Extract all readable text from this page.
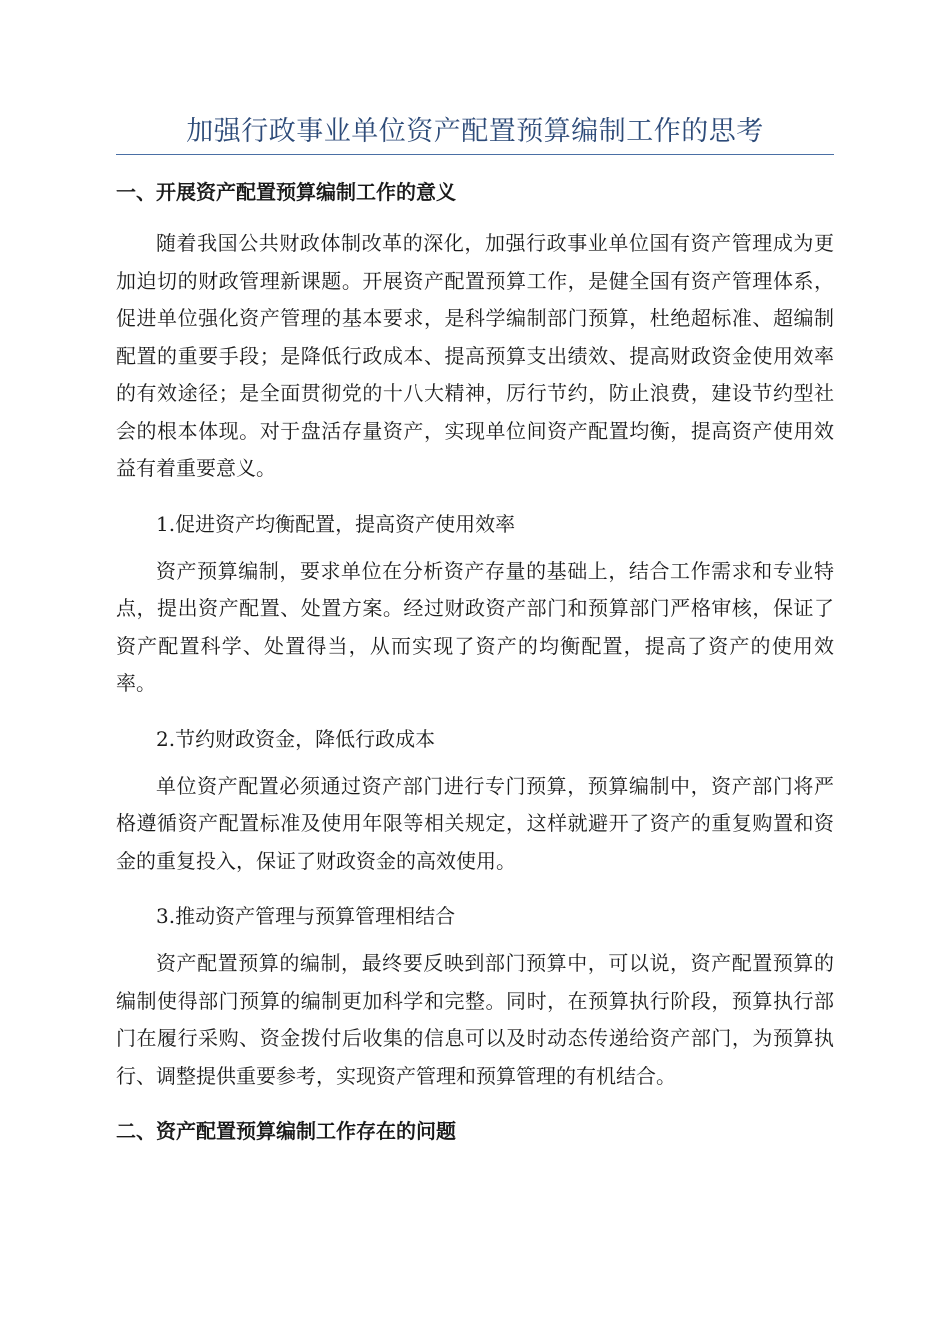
加强行政事业单位资产配置预算编制工作的思考
一、开展资产配置预算编制工作的意义

随着我国公共财政体制改革的深化，加强行政事业单位国有资产管理成为更加迫切的财政管理新课题。开展资产配置预算工作，是健全国有资产管理体系，促进单位强化资产管理的基本要求，是科学编制部门预算，杜绝超标准、超编制配置的重要手段；是降低行政成本、提高预算支出绩效、提高财政资金使用效率的有效途径；是全面贯彻党的十八大精神，厉行节约，防止浪费，建设节约型社会的根本体现。对于盘活存量资产，实现单位间资产配置均衡，提高资产使用效益有着重要意义。

1.促进资产均衡配置，提高资产使用效率

资产预算编制，要求单位在分析资产存量的基础上，结合工作需求和专业特点，提出资产配置、处置方案。经过财政资产部门和预算部门严格审核，保证了资产配置科学、处置得当，从而实现了资产的均衡配置，提高了资产的使用效率。

2.节约财政资金，降低行政成本

单位资产配置必须通过资产部门进行专门预算，预算编制中，资产部门将严格遵循资产配置标准及使用年限等相关规定，这样就避开了资产的重复购置和资金的重复投入，保证了财政资金的高效使用。

3.推动资产管理与预算管理相结合

资产配置预算的编制，最终要反映到部门预算中，可以说，资产配置预算的编制使得部门预算的编制更加科学和完整。同时，在预算执行阶段，预算执行部门在履行采购、资金拨付后收集的信息可以及时动态传递给资产部门，为预算执行、调整提供重要参考，实现资产管理和预算管理的有机结合。

二、资产配置预算编制工作存在的问题
